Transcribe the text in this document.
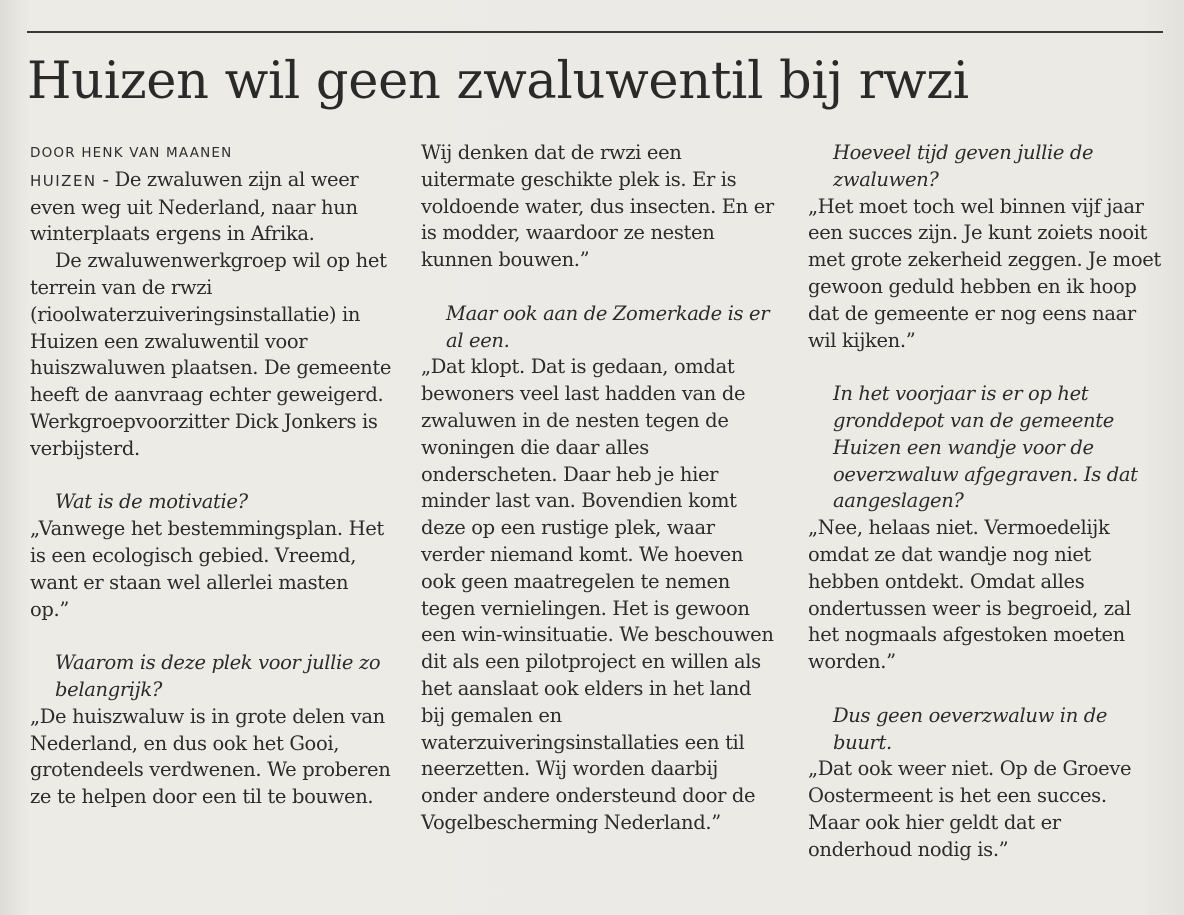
Huizen wil geen zwaluwentil bij rwzi

DOOR HENK VAN MAANEN

HUIZEN - De zwaluwen zijn al weer even weg uit Nederland, naar hun winterplaats ergens in Afrika.

De zwaluwenwerkgroep wil op het terrein van de rwzi (rioolwaterzuiveringsinstallatie) in Huizen een zwaluwentil voor huiszwaluwen plaatsen. De gemeente heeft de aanvraag echter geweigerd. Werkgroepvoorzitter Dick Jonkers is verbijsterd.

Wat is de motivatie?

„Vanwege het bestemmingsplan. Het is een ecologisch gebied. Vreemd, want er staan wel allerlei masten op.”

Waarom is deze plek voor jullie zo belangrijk?

„De huiszwaluw is in grote delen van Nederland, en dus ook het Gooi, grotendeels verdwenen. We proberen ze te helpen door een til te bouwen.

Wij denken dat de rwzi een uitermate geschikte plek is. Er is voldoende water, dus insecten. En er is modder, waardoor ze nesten kunnen bouwen.”

Maar ook aan de Zomerkade is er al een.

„Dat klopt. Dat is gedaan, omdat bewoners veel last hadden van de zwaluwen in de nesten tegen de woningen die daar alles onderscheten. Daar heb je hier minder last van. Bovendien komt deze op een rustige plek, waar verder niemand komt. We hoeven ook geen maatregelen te nemen tegen vernielingen. Het is gewoon een win-winsituatie. We beschouwen dit als een pilotproject en willen als het aanslaat ook elders in het land bij gemalen en waterzuiveringsinstallaties een til neerzetten. Wij worden daarbij onder andere ondersteund door de Vogelbescherming Nederland.”

Hoeveel tijd geven jullie de zwaluwen?

„Het moet toch wel binnen vijf jaar een succes zijn. Je kunt zoiets nooit met grote zekerheid zeggen. Je moet gewoon geduld hebben en ik hoop dat de gemeente er nog eens naar wil kijken.”

In het voorjaar is er op het gronddepot van de gemeente Huizen een wandje voor de oeverzwaluw afgegraven. Is dat aangeslagen?

„Nee, helaas niet. Vermoedelijk omdat ze dat wandje nog niet hebben ontdekt. Omdat alles ondertussen weer is begroeid, zal het nogmaals afgestoken moeten worden.”

Dus geen oeverzwaluw in de buurt.

„Dat ook weer niet. Op de Groeve Oostermeent is het een succes. Maar ook hier geldt dat er onderhoud nodig is.”
